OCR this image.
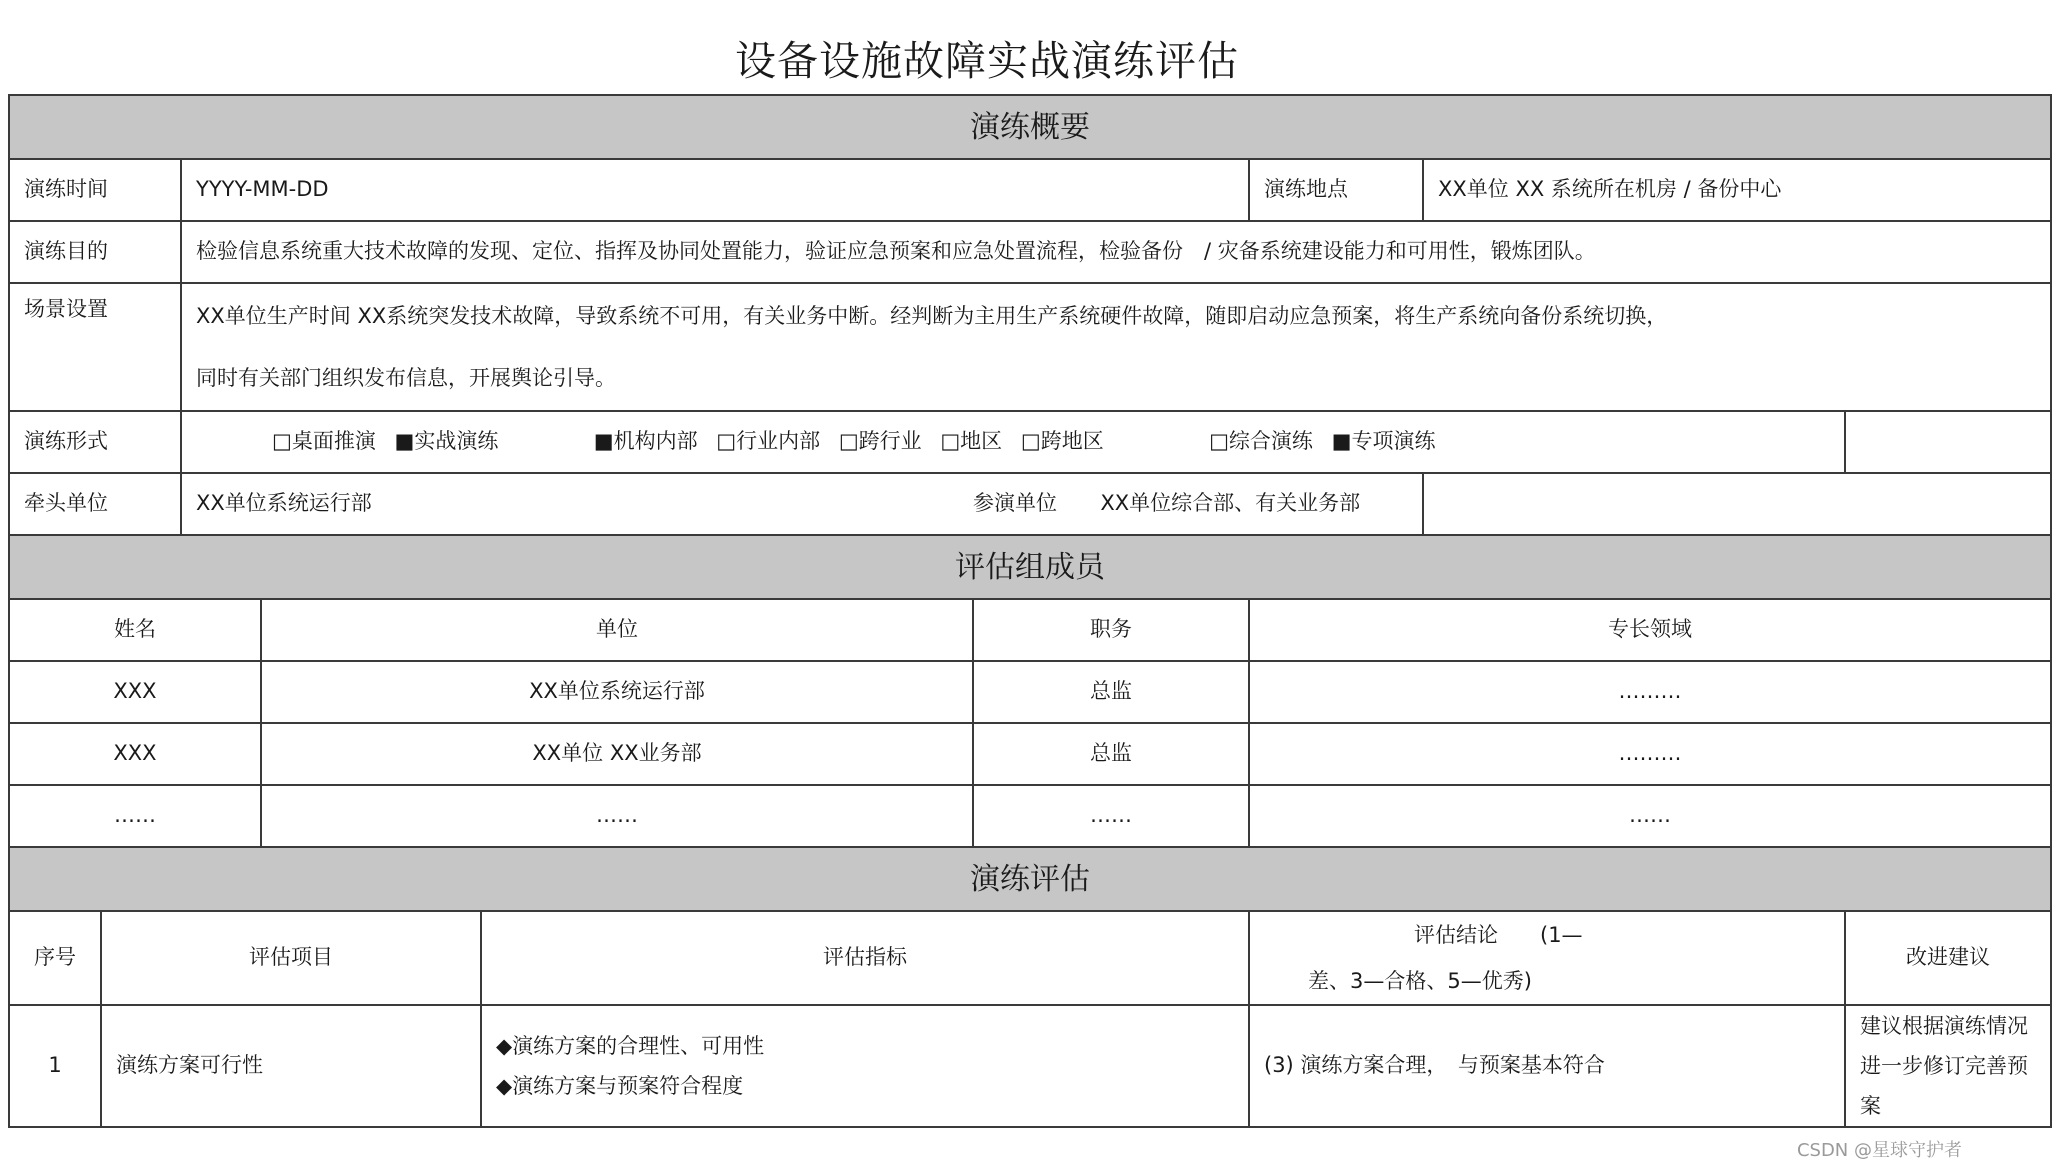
设备设施故障实战演练评估
演练概要								
演练时间		YYYY-MM-DD				演练地点	XX单位 XX 系统所在机房 / 备份中心	
演练目的		检验信息系统重大技术故障的发现、定位、指挥及协同处置能力，验证应急预案和应急处置流程，检验备份　/ 灾备系统建设能力和可用性，锻炼团队。						
场景设置		XX单位生产时间 XX系统突发技术故障，导致系统不可用，有关业务中断。经判断为主用生产系统硬件故障，随即启动应急预案，将生产系统向备份系统切换，
同时有关部门组织发布信息，开展舆论引导。						

演练形式		□桌面推演 ■实战演练 ■机构内部 □行业内部 □跨行业 □地区 □跨地区 □综合演练 ■专项演练						
牵头单位		XX单位系统运行部			参演单位 XX单位综合部、有关业务部			
评估组成员								
姓名			单位		职务	专长领域		
XXX			XX单位系统运行部		总监	………		
XXX			XX单位 XX业务部		总监	………		
……			……		……	……		
演练评估								
序号	评估项目			评估指标		评估结论　　(1—
差、3—合格、5—优秀)		改进建议
1	演练方案可行性			◆演练方案的合理性、可用性
◆演练方案与预案符合程度		(3) 演练方案合理，　与预案基本符合		建议根据演练情况进一步修订完善预案
CSDN @星球守护者
